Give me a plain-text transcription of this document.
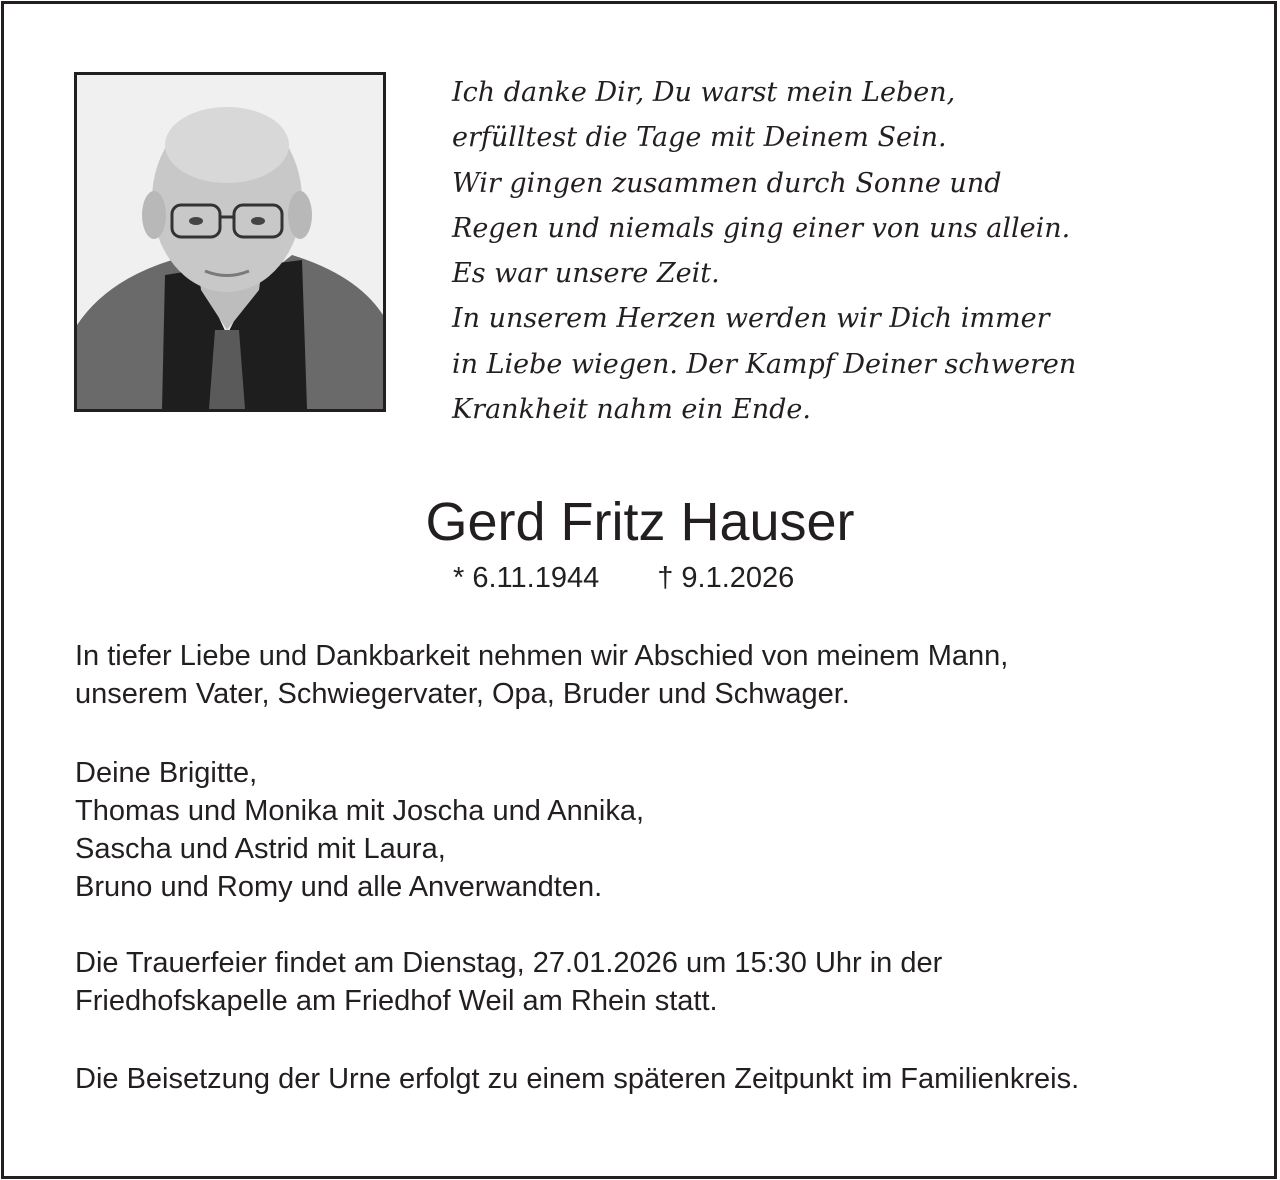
Ich danke Dir, Du warst mein Leben,
erfülltest die Tage mit Deinem Sein.
Wir gingen zusammen durch Sonne und
Regen und niemals ging einer von uns allein.
Es war unsere Zeit.
In unserem Herzen werden wir Dich immer
in Liebe wiegen. Der Kampf Deiner schweren
Krankheit nahm ein Ende.
Gerd Fritz Hauser
* 6.11.1944 † 9.1.2026
In tiefer Liebe und Dankbarkeit nehmen wir Abschied von meinem Mann,
unserem Vater, Schwiegervater, Opa, Bruder und Schwager.
Deine Brigitte,
Thomas und Monika mit Joscha und Annika,
Sascha und Astrid mit Laura,
Bruno und Romy und alle Anverwandten.
Die Trauerfeier findet am Dienstag, 27.01.2026 um 15:30 Uhr in der
Friedhofskapelle am Friedhof Weil am Rhein statt.
Die Beisetzung der Urne erfolgt zu einem späteren Zeitpunkt im Familienkreis.
